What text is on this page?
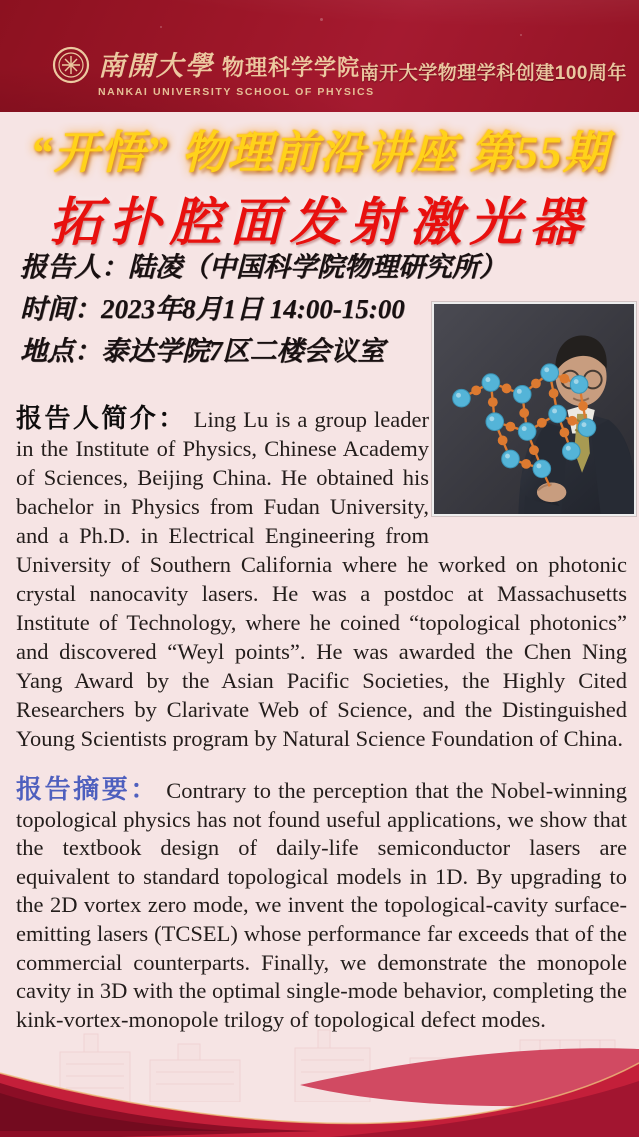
南開大學 物理科学学院
NANKAI UNIVERSITY SCHOOL OF PHYSICS
南开大学物理学科创建100周年
“开悟” 物理前沿讲座 第55期
拓扑腔面发射激光器
报告人：陆凌（中国科学院物理研究所）
时间：2023年8月1日 14:00-15:00
地点：泰达学院7区二楼会议室
报告人简介： Ling Lu is a group leader in the Institute of Physics, Chinese Academy of Sciences, Beijing China. He obtained his bachelor in Physics from Fudan University, and a Ph.D. in Electrical Engineering from University of Southern California where he worked on photonic crystal nanocavity lasers. He was a postdoc at Massachusetts Institute of Technology, where he coined “topological photonics” and discovered “Weyl points”. He was awarded the Chen Ning Yang Award by the Asian Pacific Societies, the Highly Cited Researchers by Clarivate Web of Science, and the Distinguished Young Scientists program by Natural Science Foundation of China.
报告摘要： Contrary to the perception that the Nobel-winning topological physics has not found useful applications, we show that the textbook design of daily-life semiconductor lasers are equivalent to standard topological models in 1D. By upgrading to the 2D vortex zero mode, we invent the topological-cavity surface-emitting lasers (TCSEL) whose performance far exceeds that of the commercial counterparts. Finally, we demonstrate the monopole cavity in 3D with the optimal single-mode behavior, completing the kink-vortex-monopole trilogy of topological defect modes.
